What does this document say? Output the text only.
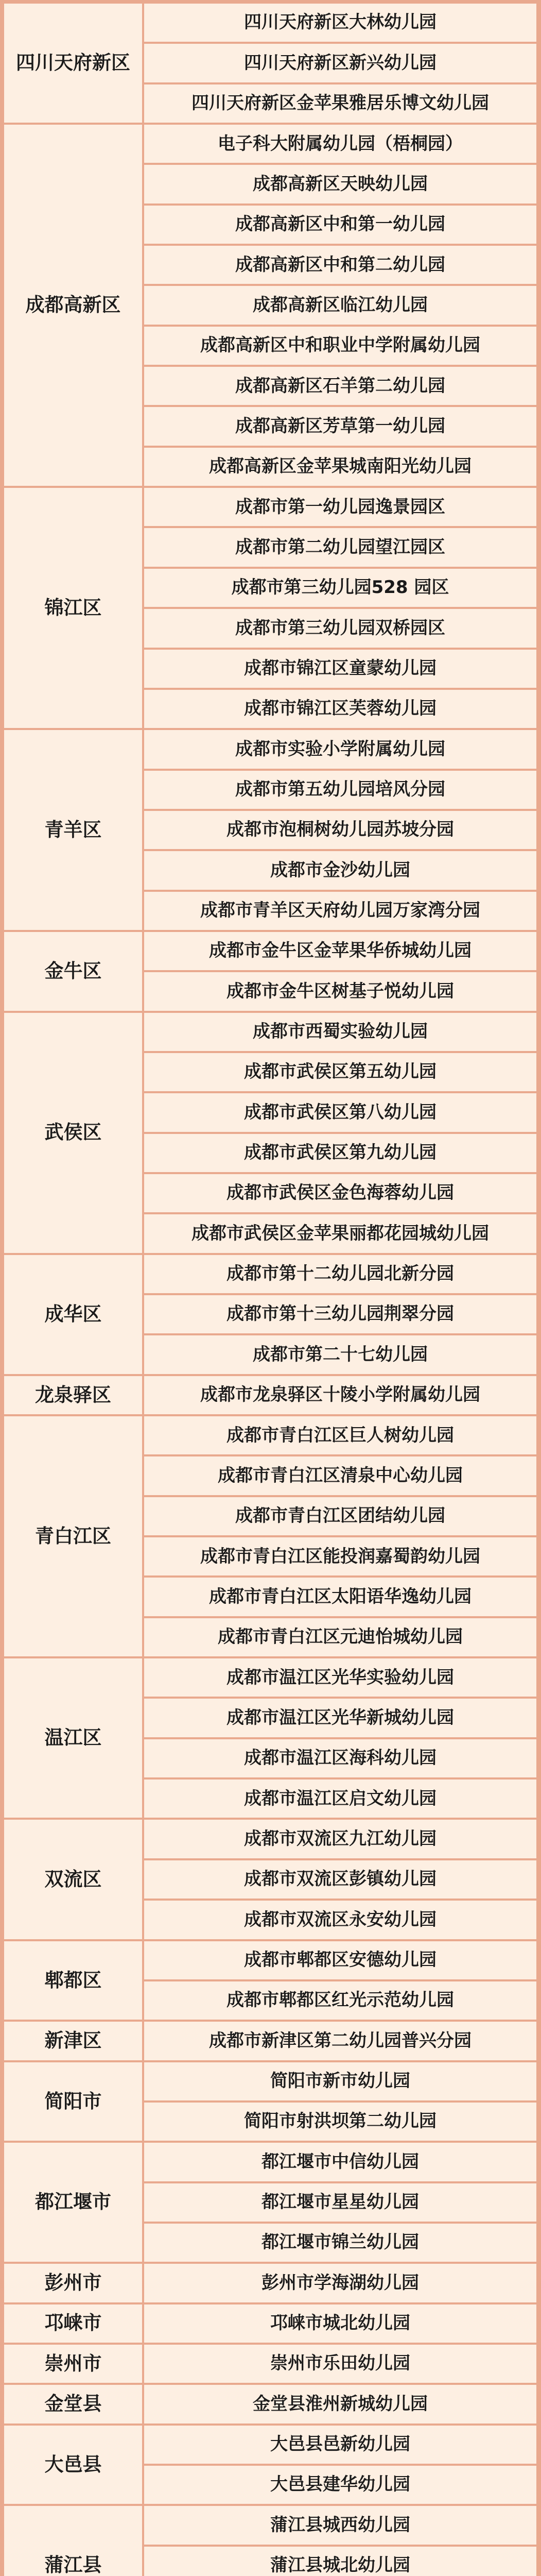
四川天府新区	四川天府新区大林幼儿园
	四川天府新区新兴幼儿园
	四川天府新区金苹果雅居乐博文幼儿园
成都高新区	电子科大附属幼儿园（梧桐园）
	成都高新区天映幼儿园
	成都高新区中和第一幼儿园
	成都高新区中和第二幼儿园
	成都高新区临江幼儿园
	成都高新区中和职业中学附属幼儿园
	成都高新区石羊第二幼儿园
	成都高新区芳草第一幼儿园
	成都高新区金苹果城南阳光幼儿园
锦江区	成都市第一幼儿园逸景园区
	成都市第二幼儿园望江园区
	成都市第三幼儿园528 园区
	成都市第三幼儿园双桥园区
	成都市锦江区童蒙幼儿园
	成都市锦江区芙蓉幼儿园
青羊区	成都市实验小学附属幼儿园
	成都市第五幼儿园培风分园
	成都市泡桐树幼儿园苏坡分园
	成都市金沙幼儿园
	成都市青羊区天府幼儿园万家湾分园
金牛区	成都市金牛区金苹果华侨城幼儿园
	成都市金牛区树基子悦幼儿园
武侯区	成都市西蜀实验幼儿园
	成都市武侯区第五幼儿园
	成都市武侯区第八幼儿园
	成都市武侯区第九幼儿园
	成都市武侯区金色海蓉幼儿园
	成都市武侯区金苹果丽都花园城幼儿园
成华区	成都市第十二幼儿园北新分园
	成都市第十三幼儿园荆翠分园
	成都市第二十七幼儿园
龙泉驿区	成都市龙泉驿区十陵小学附属幼儿园
青白江区	成都市青白江区巨人树幼儿园
	成都市青白江区清泉中心幼儿园
	成都市青白江区团结幼儿园
	成都市青白江区能投润嘉蜀韵幼儿园
	成都市青白江区太阳语华逸幼儿园
	成都市青白江区元迪怡城幼儿园
温江区	成都市温江区光华实验幼儿园
	成都市温江区光华新城幼儿园
	成都市温江区海科幼儿园
	成都市温江区启文幼儿园
双流区	成都市双流区九江幼儿园
	成都市双流区彭镇幼儿园
	成都市双流区永安幼儿园
郫都区	成都市郫都区安德幼儿园
	成都市郫都区红光示范幼儿园
新津区	成都市新津区第二幼儿园普兴分园
简阳市	简阳市新市幼儿园
	简阳市射洪坝第二幼儿园
都江堰市	都江堰市中信幼儿园
	都江堰市星星幼儿园
	都江堰市锦兰幼儿园
彭州市	彭州市学海湖幼儿园
邛崃市	邛崃市城北幼儿园
崇州市	崇州市乐田幼儿园
金堂县	金堂县淮州新城幼儿园
大邑县	大邑县邑新幼儿园
	大邑县建华幼儿园
蒲江县	蒲江县城西幼儿园
	蒲江县城北幼儿园
